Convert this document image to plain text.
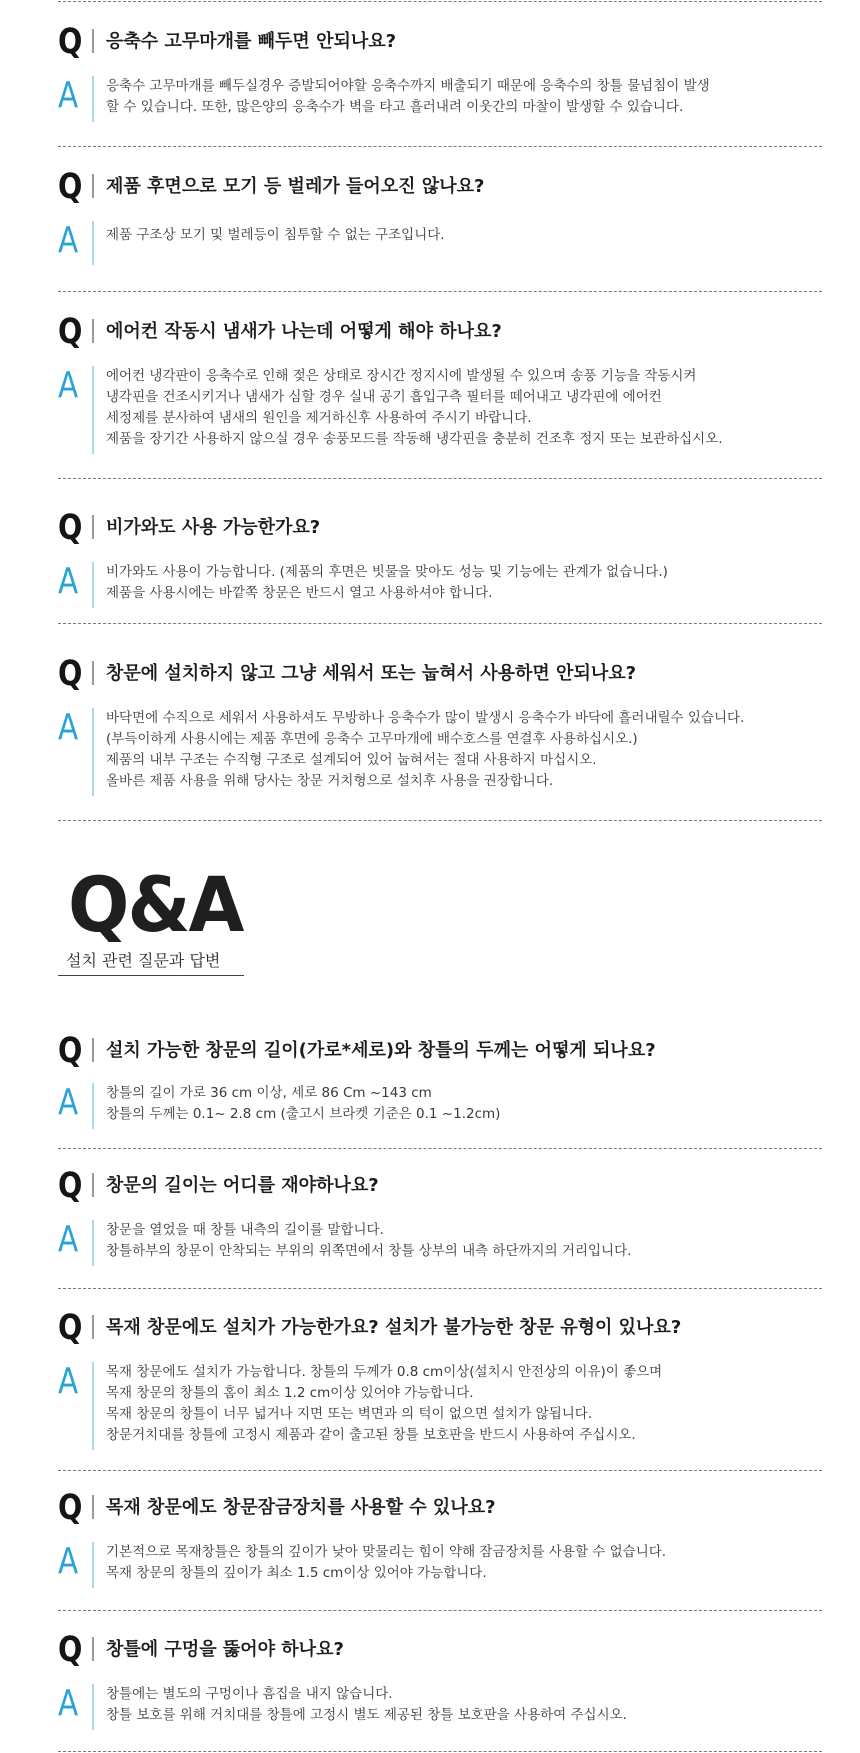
Q 응축수 고무마개를 빼두면 안되나요?
A 응축수 고무마개를 빼두실경우 증발되어야할 응축수까지 배출되기 때문에 응축수의 창틀 물넘침이 발생
할 수 있습니다. 또한, 많은양의 응축수가 벽을 타고 흘러내려 이웃간의 마찰이 발생할 수 있습니다.
Q 제품 후면으로 모기 등 벌레가 들어오진 않나요?
A 제품 구조상 모기 및 벌레등이 침투할 수 없는 구조입니다.
Q 에어컨 작동시 냄새가 나는데 어떻게 해야 하나요?
A 에어컨 냉각판이 응축수로 인해 젖은 상태로 장시간 정지시에 발생될 수 있으며 송풍 기능을 작동시켜
냉각핀을 건조시키거나 냄새가 심할 경우 실내 공기 흡입구측 필터를 떼어내고 냉각핀에 에어컨
세정제를 분사하여 냄새의 원인을 제거하신후 사용하여 주시기 바랍니다.
제품을 장기간 사용하지 않으실 경우 송풍모드를 작동해 냉각핀을 충분히 건조후 정지 또는 보관하십시오.
Q 비가와도 사용 가능한가요?
A 비가와도 사용이 가능합니다. (제품의 후면은 빗물을 맞아도 성능 및 기능에는 관계가 없습니다.)
제품을 사용시에는 바깥쪽 창문은 반드시 열고 사용하셔야 합니다.
Q 창문에 설치하지 않고 그냥 세워서 또는 눕혀서 사용하면 안되나요?
A 바닥면에 수직으로 세워서 사용하셔도 무방하나 응축수가 많이 발생시 응축수가 바닥에 흘러내릴수 있습니다.
(부득이하게 사용시에는 제품 후면에 응축수 고무마개에 배수호스를 연결후 사용하십시오.)
제품의 내부 구조는 수직형 구조로 설계되어 있어 눕혀서는 절대 사용하지 마십시오.
올바른 제품 사용을 위해 당사는 창문 거치형으로 설치후 사용을 권장합니다.
Q&A
설치 관련 질문과 답변
Q 설치 가능한 창문의 길이(가로*세로)와 창틀의 두께는 어떻게 되나요?
A 창틀의 길이 가로 36 cm 이상, 세로 86 Cm ~143 cm
창틀의 두께는 0.1~ 2.8 cm (출고시 브라켓 기준은 0.1 ~1.2cm)
Q 창문의 길이는 어디를 재야하나요?
A 창문을 열었을 때 창틀 내측의 길이를 말합니다.
창틀하부의 창문이 안착되는 부위의 위쪽면에서 창틀 상부의 내측 하단까지의 거리입니다.
Q 목재 창문에도 설치가 가능한가요? 설치가 불가능한 창문 유형이 있나요?
A 목재 창문에도 설치가 가능합니다. 창틀의 두께가 0.8 cm이상(설치시 안전상의 이유)이 좋으며
목재 창문의 창틀의 홈이 최소 1.2 cm이상 있어야 가능합니다.
목재 창문의 창틀이 너무 넓거나 지면 또는 벽면과 의 턱이 없으면 설치가 않됩니다.
창문거치대를 창틀에 고정시 제품과 같이 출고된 창틀 보호판을 반드시 사용하여 주십시오.
Q 목재 창문에도 창문잠금장치를 사용할 수 있나요?
A 기본적으로 목재창틀은 창틀의 깊이가 낮아 맞물리는 힘이 약해 잠금장치를 사용할 수 없습니다.
목재 창문의 창틀의 깊이가 최소 1.5 cm이상 있어야 가능합니다.
Q 창틀에 구멍을 뚫어야 하나요?
A 창틀에는 별도의 구멍이나 흠집을 내지 않습니다.
창틀 보호를 위해 거치대를 창틀에 고정시 별도 제공된 창틀 보호판을 사용하여 주십시오.
